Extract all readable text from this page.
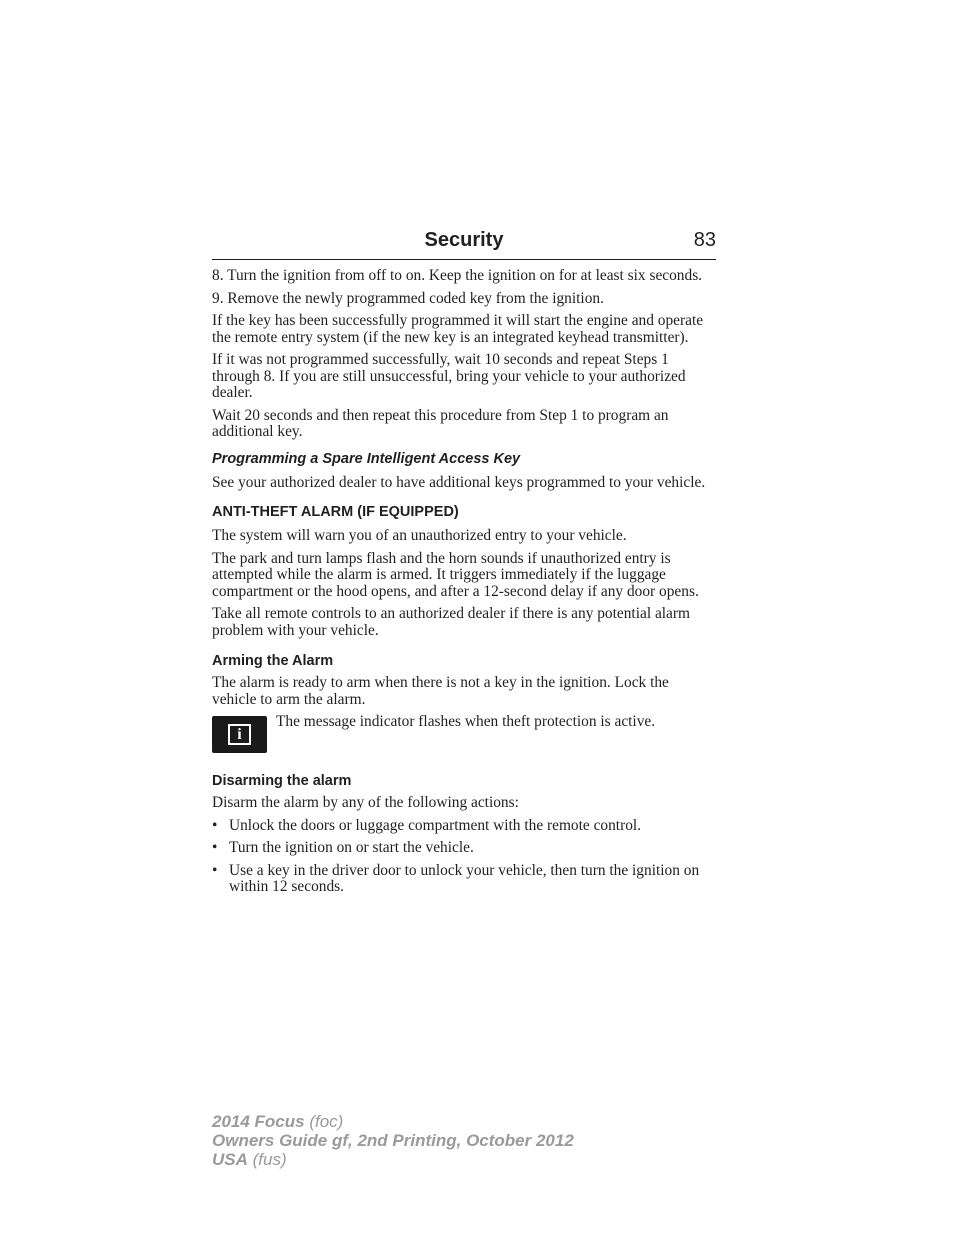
Security	83

8. Turn the ignition from off to on. Keep the ignition on for at least six seconds.

9. Remove the newly programmed coded key from the ignition.

If the key has been successfully programmed it will start the engine and operate the remote entry system (if the new key is an integrated keyhead transmitter).

If it was not programmed successfully, wait 10 seconds and repeat Steps 1 through 8. If you are still unsuccessful, bring your vehicle to your authorized dealer.

Wait 20 seconds and then repeat this procedure from Step 1 to program an additional key.

Programming a Spare Intelligent Access Key

See your authorized dealer to have additional keys programmed to your vehicle.

ANTI-THEFT ALARM (IF EQUIPPED)

The system will warn you of an unauthorized entry to your vehicle.

The park and turn lamps flash and the horn sounds if unauthorized entry is attempted while the alarm is armed. It triggers immediately if the luggage compartment or the hood opens, and after a 12-second delay if any door opens.

Take all remote controls to an authorized dealer if there is any potential alarm problem with your vehicle.

Arming the Alarm

The alarm is ready to arm when there is not a key in the ignition. Lock the vehicle to arm the alarm.

i

The message indicator flashes when theft protection is active.

Disarming the alarm

Disarm the alarm by any of the following actions:

• Unlock the doors or luggage compartment with the remote control.
• Turn the ignition on or start the vehicle.
• Use a key in the driver door to unlock your vehicle, then turn the ignition on within 12 seconds.
2014 Focus (foc)
Owners Guide gf, 2nd Printing, October 2012
USA (fus)
